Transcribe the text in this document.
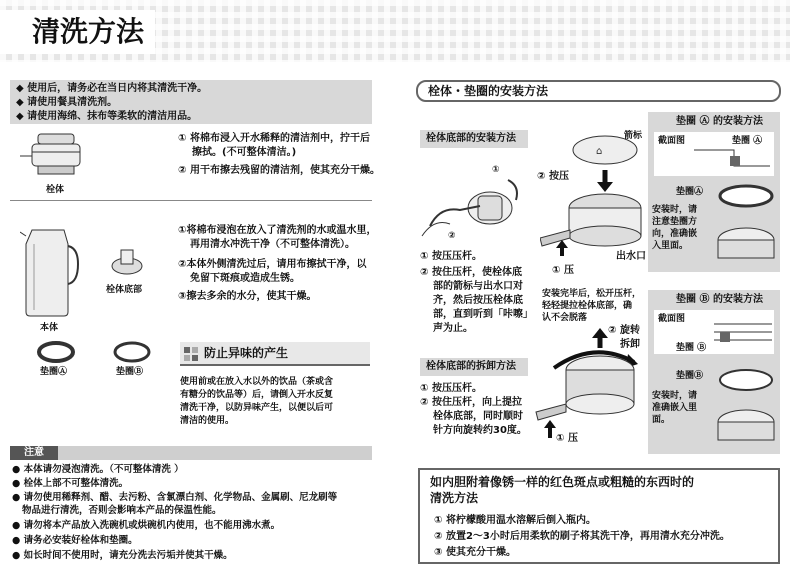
清洗方法
◆ 使用后，请务必在当日内将其清洗干净。
◆ 请使用餐具清洗剂。
◆ 请使用海绵、抹布等柔软的清洁用品。
栓体
① 将棉布浸入开水稀释的清洁剂中，拧干后
擦拭。(不可整体清洁。)
② 用干布擦去残留的清洁剂，使其充分干燥。
本体
栓体底部
垫圈Ⓐ	垫圈Ⓑ
①将棉布浸泡在放入了清洗剂的水或温水里，
再用清水冲洗干净（不可整体清洗）。
②本体外侧清洗过后，请用布擦拭干净，以
免留下斑痕或造成生锈。
③擦去多余的水分，使其干燥。
防止异味的产生
使用前或在放入水以外的饮品（茶或含
有糖分的饮品等）后，请倒入开水反复
清洗干净，以防异味产生，以便以后可
清洁的使用。
注意
● 本体请勿浸泡清洗。（不可整体清洗 ）
● 栓体上部不可整体清洗。
● 请勿使用稀释剂、醋、去污粉、含氯漂白剂、化学物品、金属刷、尼龙刷等
物品进行清洗，否则会影响本产品的保温性能。
● 请勿将本产品放入洗碗机或烘碗机内使用，也不能用沸水煮。
● 请务必安装好栓体和垫圈。
● 如长时间不使用时，请充分洗去污垢并使其干燥。
栓体・垫圈的安装方法
栓体底部的安装方法
①
②
① 按压压杆。
② 按住压杆，使栓体底
部的箭标与出水口对
齐，然后按压栓体底
部，直到听到「咔嚓」
声为止。
⌂
箭标
② 按压
出水口
① 压
安装完毕后，松开压杆，
轻轻提拉栓体底部，确
认不会脱落
栓体底部的拆卸方法
① 按压压杆。
② 按住压杆，向上提拉
栓体底部，同时顺时
针方向旋转约30度。
② 旋转
拆卸
① 压
垫圈 Ⓐ 的安装方法
截面图	垫圈 Ⓐ
垫圈Ⓐ
安装时，请
注意垫圈方
向，准确嵌
入里面。
垫圈 Ⓑ 的安装方法
截面图
垫圈 Ⓑ
垫圈Ⓑ
安装时，请
准确嵌入里
面。
如内胆附着像锈一样的红色斑点或粗糙的东西时的
清洗方法
① 将柠檬酸用温水溶解后倒入瓶内。
② 放置2～3小时后用柔软的刷子将其洗干净，再用清水充分冲洗。
③ 使其充分干燥。
